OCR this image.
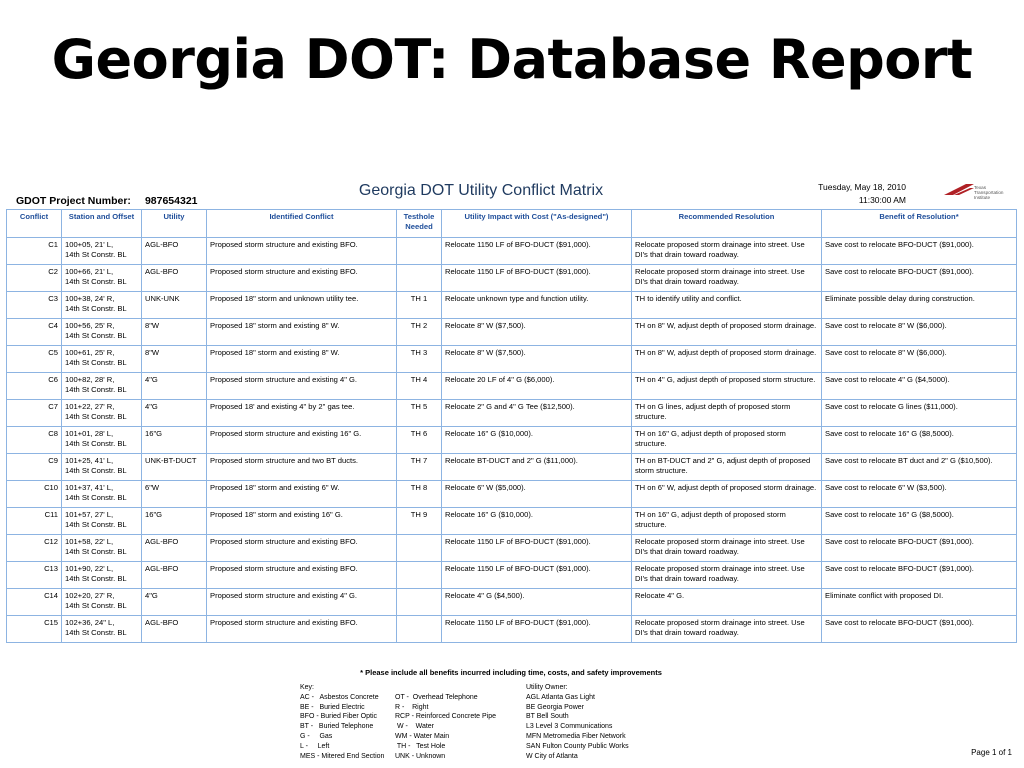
Georgia DOT: Database Report
GDOT Project Number: 987654321
Georgia DOT Utility Conflict Matrix	Tuesday, May 18, 2010
11:30:00 AM
Texas
Transportation
Institute
Conflict	Station and Offset	Utility	Identified Conflict	Testhole Needed	Utility Impact with Cost ("As-designed")	Recommended Resolution	Benefit of Resolution*
C1	100+05, 21' L,
14th St Constr. BL	AGL-BFO	Proposed storm structure and existing BFO.		Relocate 1150 LF of BFO-DUCT ($91,000).	Relocate proposed storm drainage into street. Use DI's that drain toward roadway.	Save cost to relocate BFO-DUCT ($91,000).
C2	100+66, 21' L,
14th St Constr. BL	AGL-BFO	Proposed storm structure and existing BFO.		Relocate 1150 LF of BFO-DUCT ($91,000).	Relocate proposed storm drainage into street. Use DI's that drain toward roadway.	Save cost to relocate BFO-DUCT ($91,000).
C3	100+38, 24' R,
14th St Constr. BL	UNK-UNK	Proposed 18" storm and unknown utility tee.	TH 1	Relocate unknown type and function utility.	TH to identify utility and conflict.	Eliminate possible delay during construction.
C4	100+56, 25' R,
14th St Constr. BL	8"W	Proposed 18" storm and existing 8" W.	TH 2	Relocate 8" W ($7,500).	TH on 8" W, adjust depth of proposed storm drainage.	Save cost to relocate 8" W ($6,000).
C5	100+61, 25' R,
14th St Constr. BL	8"W	Proposed 18" storm and existing 8" W.	TH 3	Relocate 8" W ($7,500).	TH on 8" W, adjust depth of proposed storm drainage.	Save cost to relocate 8" W ($6,000).
C6	100+82, 28' R,
14th St Constr. BL	4"G	Proposed storm structure and existing 4" G.	TH 4	Relocate 20 LF of 4" G ($6,000).	TH on 4" G, adjust depth of proposed storm structure.	Save cost to relocate 4" G ($4,5000).
C7	101+22, 27' R,
14th St Constr. BL	4"G	Proposed 18' and existing 4" by 2" gas tee.	TH 5	Relocate 2" G and 4" G Tee ($12,500).	TH on G lines, adjust depth of proposed storm structure.	Save cost to relocate G lines ($11,000).
C8	101+01, 28' L,
14th St Constr. BL	16"G	Proposed storm structure and existing 16" G.	TH 6	Relocate 16" G ($10,000).	TH on 16" G, adjust depth of proposed storm structure.	Save cost to relocate 16" G ($8,5000).
C9	101+25, 41' L,
14th St Constr. BL	UNK-BT-DUCT	Proposed storm structure and two BT ducts.	TH 7	Relocate BT-DUCT and 2" G ($11,000).	TH on BT-DUCT and 2" G, adjust depth of proposed storm structure.	Save cost to relocate BT duct and 2" G ($10,500).
C10	101+37, 41' L,
14th St Constr. BL	6"W	Proposed 18" storm and existing 6" W.	TH 8	Relocate 6" W ($5,000).	TH on 6" W, adjust depth of proposed storm drainage.	Save cost to relocate 6" W ($3,500).
C11	101+57, 27' L,
14th St Constr. BL	16"G	Proposed 18" storm and existing 16" G.	TH 9	Relocate 16" G ($10,000).	TH on 16" G, adjust depth of proposed storm structure.	Save cost to relocate 16" G ($8,5000).
C12	101+58, 22' L,
14th St Constr. BL	AGL-BFO	Proposed storm structure and existing BFO.		Relocate 1150 LF of BFO-DUCT ($91,000).	Relocate proposed storm drainage into street. Use DI's that drain toward roadway.	Save cost to relocate BFO-DUCT ($91,000).
C13	101+90, 22' L,
14th St Constr. BL	AGL-BFO	Proposed storm structure and existing BFO.		Relocate 1150 LF of BFO-DUCT ($91,000).	Relocate proposed storm drainage into street. Use DI's that drain toward roadway.	Save cost to relocate BFO-DUCT ($91,000).
C14	102+20, 27' R,
14th St Constr. BL	4"G	Proposed storm structure and existing 4" G.		Relocate 4" G ($4,500).	Relocate 4" G.	Eliminate conflict with proposed DI.
C15	102+36, 24" L,
14th St Constr. BL	AGL-BFO	Proposed storm structure and existing BFO.		Relocate 1150 LF of BFO-DUCT ($91,000).	Relocate proposed storm drainage into street. Use DI's that drain toward roadway.	Save cost to relocate BFO-DUCT ($91,000).
* Please include all benefits incurred including time, costs, and safety improvements
Key:
AC -   Asbestos Concrete OT -  Overhead Telephone
BE -   Buried Electric	R -    Right
BFO - Buried Fiber Optic	RCP - Reinforced Concrete Pipe
BT -   Buried Telephone	W -    Water
G -     Gas	WM - Water Main
L -     Left	TH -   Test Hole
MES - Mitered End Section UNK - Unknown
Utility Owner:
AGL Atlanta Gas Light
BE Georgia Power
BT Bell South
L3 Level 3 Communications
MFN Metromedia Fiber Network
SAN Fulton County Public Works
W City of Atlanta	Page 1 of 1
